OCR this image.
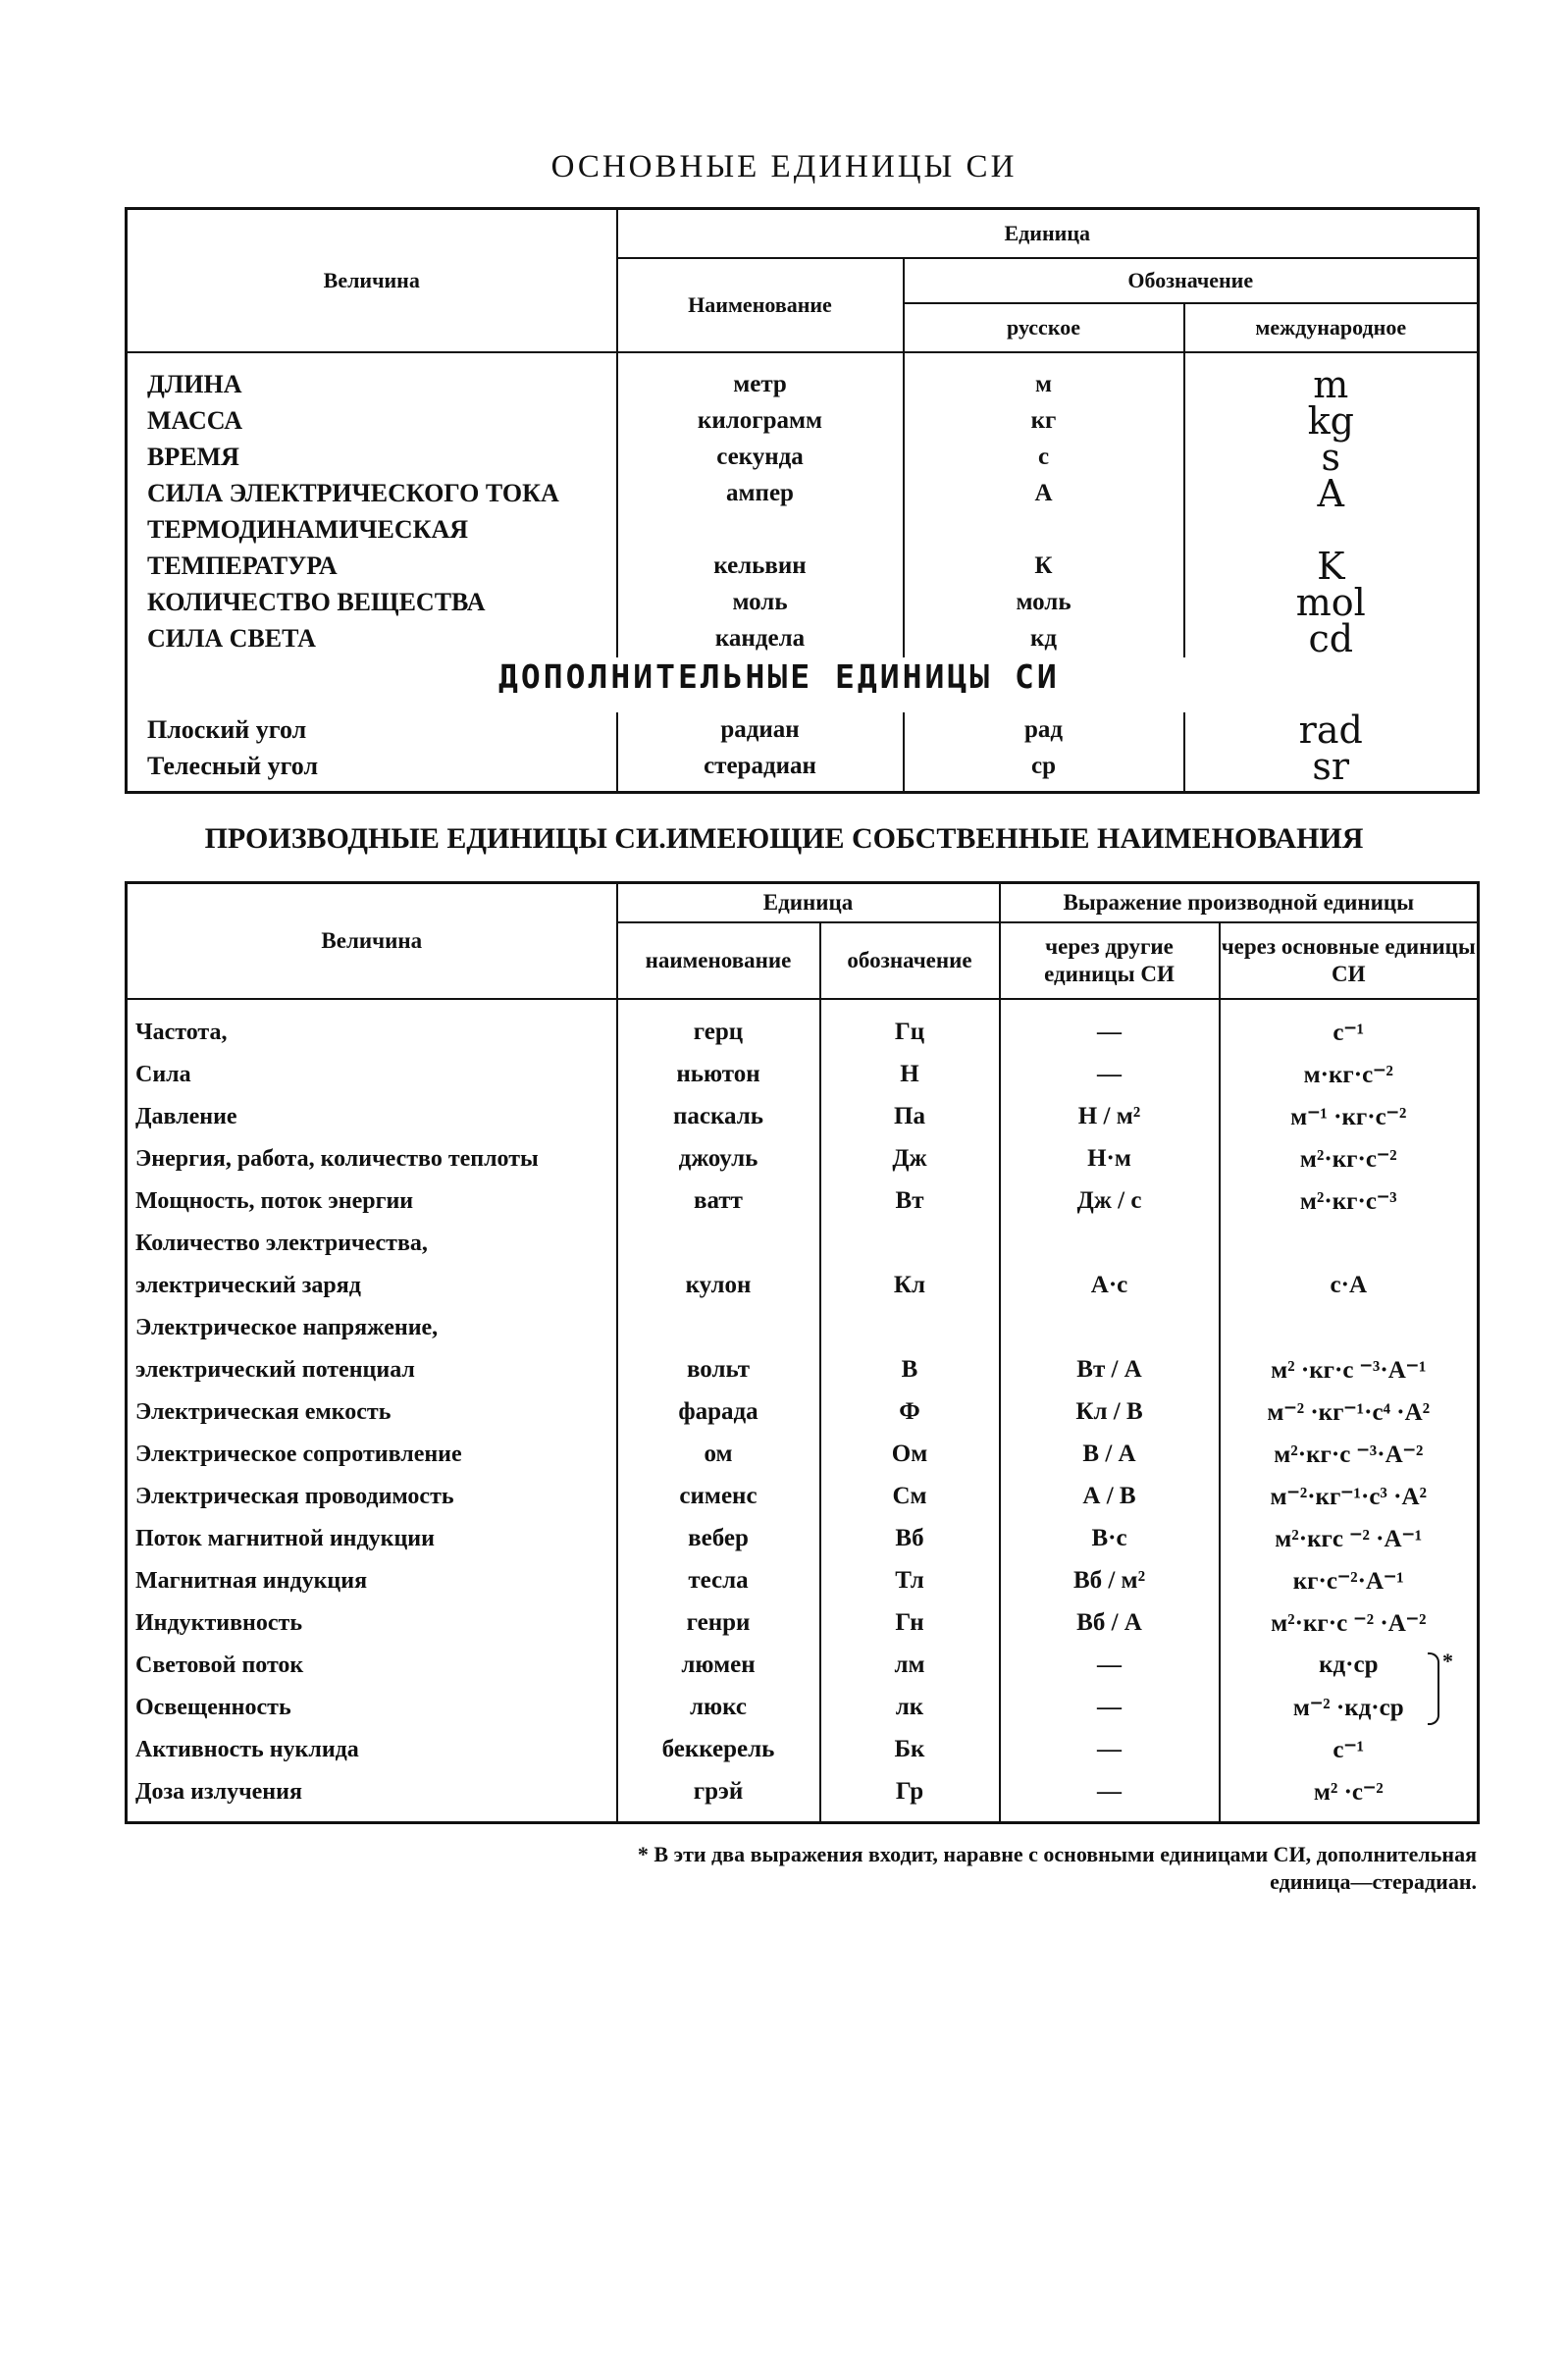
ОСНОВНЫЕ ЕДИНИЦЫ СИ
Величина	Единица		
	Наименование	Обозначение	
		русское	международное
ДЛИНА	метр	м	m
МАССА	килограмм	кг	kg
ВРЕМЯ	секунда	с	s
СИЛА ЭЛЕКТРИЧЕСКОГО ТОКА	ампер	А	A
ТЕРМОДИНАМИЧЕСКАЯ			
ТЕМПЕРАТУРА	кельвин	К	K
КОЛИЧЕСТВО ВЕЩЕСТВА	моль	моль	mol
СИЛА СВЕТА	кандела	кд	cd

Плоский угол	радиан	рад	rad
Телесный угол	стерадиан	ср	sr
ДОПОЛНИТЕЛЬНЫЕ ЕДИНИЦЫ СИ
ПРОИЗВОДНЫЕ ЕДИНИЦЫ СИ.ИМЕЮЩИЕ СОБСТВЕННЫЕ НАИМЕНОВАНИЯ
Величина	Единица		Выражение производной единицы	
	наименование	обозначение	через другие единицы СИ	через основные единицы СИ
Частота,	герц	Гц	—	с⁻¹
Сила	ньютон	Н	—	м·кг·с⁻²
Давление	паскаль	Па	Н / м²	м⁻¹ ·кг·с⁻²
Энергия, работа, количество теплоты	джоуль	Дж	Н·м	м²·кг·с⁻²
Мощность, поток энергии	ватт	Вт	Дж / с	м²·кг·с⁻³
Количество электричества,				
электрический заряд	кулон	Кл	А·с	с·А
Электрическое напряжение,				
электрический потенциал	вольт	В	Вт / А	м² ·кг·с ⁻³·А⁻¹
Электрическая емкость	фарада	Ф	Кл / В	м⁻² ·кг⁻¹·с⁴ ·А²
Электрическое сопротивление	ом	Ом	В / А	м²·кг·с ⁻³·А⁻²
Электрическая проводимость	сименс	См	А / В	м⁻²·кг⁻¹·с³ ·А²
Поток магнитной индукции	вебер	Вб	В·с	м²·кгс ⁻² ·А⁻¹
Магнитная индукция	тесла	Тл	Вб / м²	кг·с⁻²·А⁻¹
Индуктивность	генри	Гн	Вб / А	м²·кг·с ⁻² ·А⁻²
Световой поток	люмен	лм	—	кд·ср
Освещенность	люкс	лк	—	м⁻² ·кд·ср
Активность нуклида	беккерель	Бк	—	с⁻¹
Доза излучения	грэй	Гр	—	м² ·с⁻²
*
* В эти два выражения входит, наравне с основными единицами СИ, дополнительная
единица—стерадиан.
